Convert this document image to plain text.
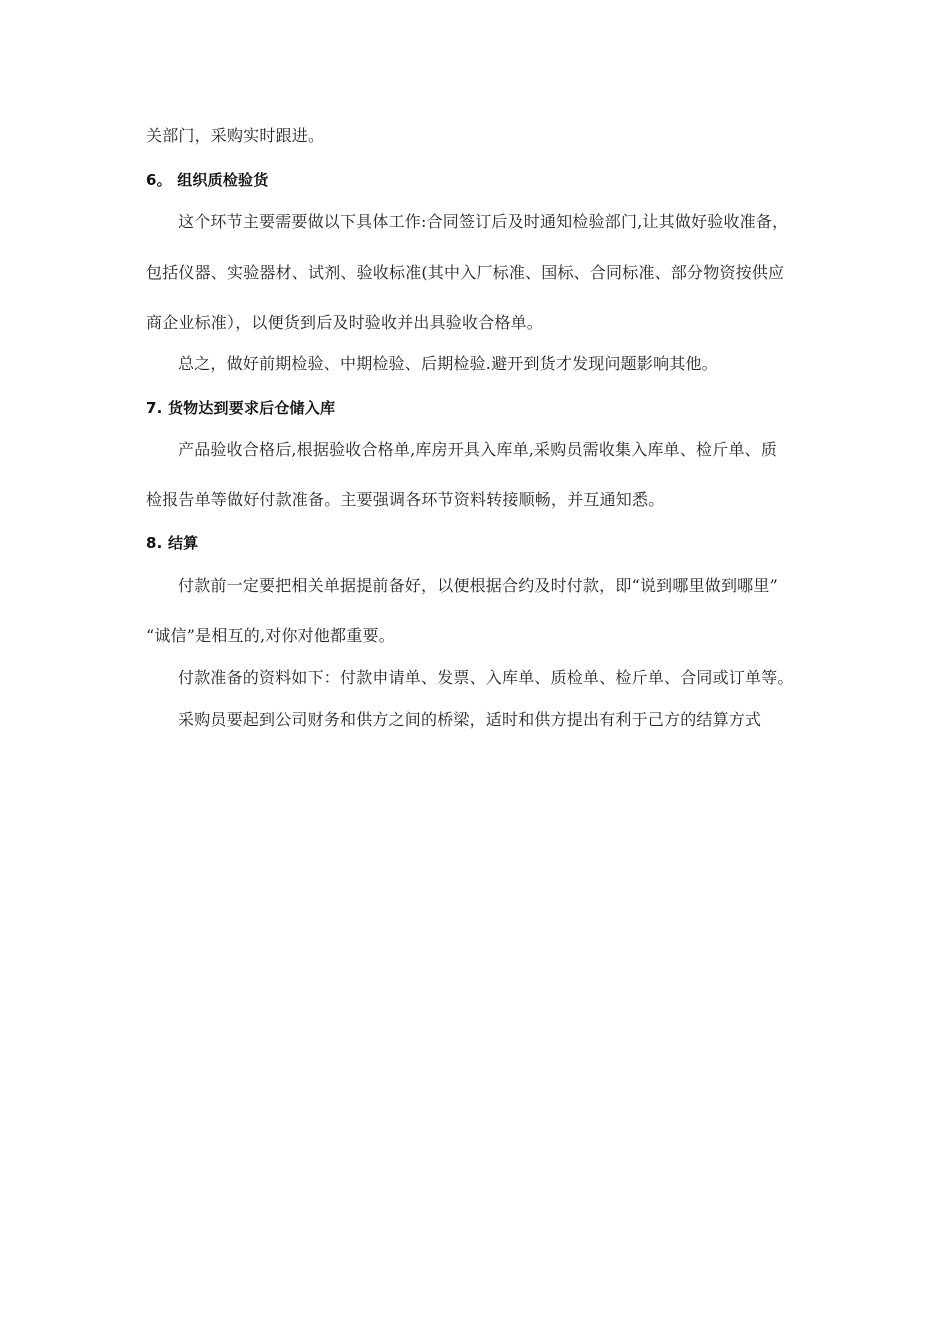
关部门，采购实时跟进。
6。 组织质检验货
这个环节主要需要做以下具体工作:合同签订后及时通知检验部门,让其做好验收准备，
包括仪器、实验器材、试剂、验收标准(其中入厂标准、国标、合同标准、部分物资按供应
商企业标准），以便货到后及时验收并出具验收合格单。
总之，做好前期检验、中期检验、后期检验.避开到货才发现问题影响其他。
7. 货物达到要求后仓储入库
产品验收合格后,根据验收合格单,库房开具入库单,采购员需收集入库单、检斤单、质
检报告单等做好付款准备。主要强调各环节资料转接顺畅，并互通知悉。
8. 结算
付款前一定要把相关单据提前备好，以便根据合约及时付款，即“说到哪里做到哪里”
“诚信”是相互的,对你对他都重要。
付款准备的资料如下：付款申请单、发票、入库单、质检单、检斤单、合同或订单等。
采购员要起到公司财务和供方之间的桥梁，适时和供方提出有利于己方的结算方式
